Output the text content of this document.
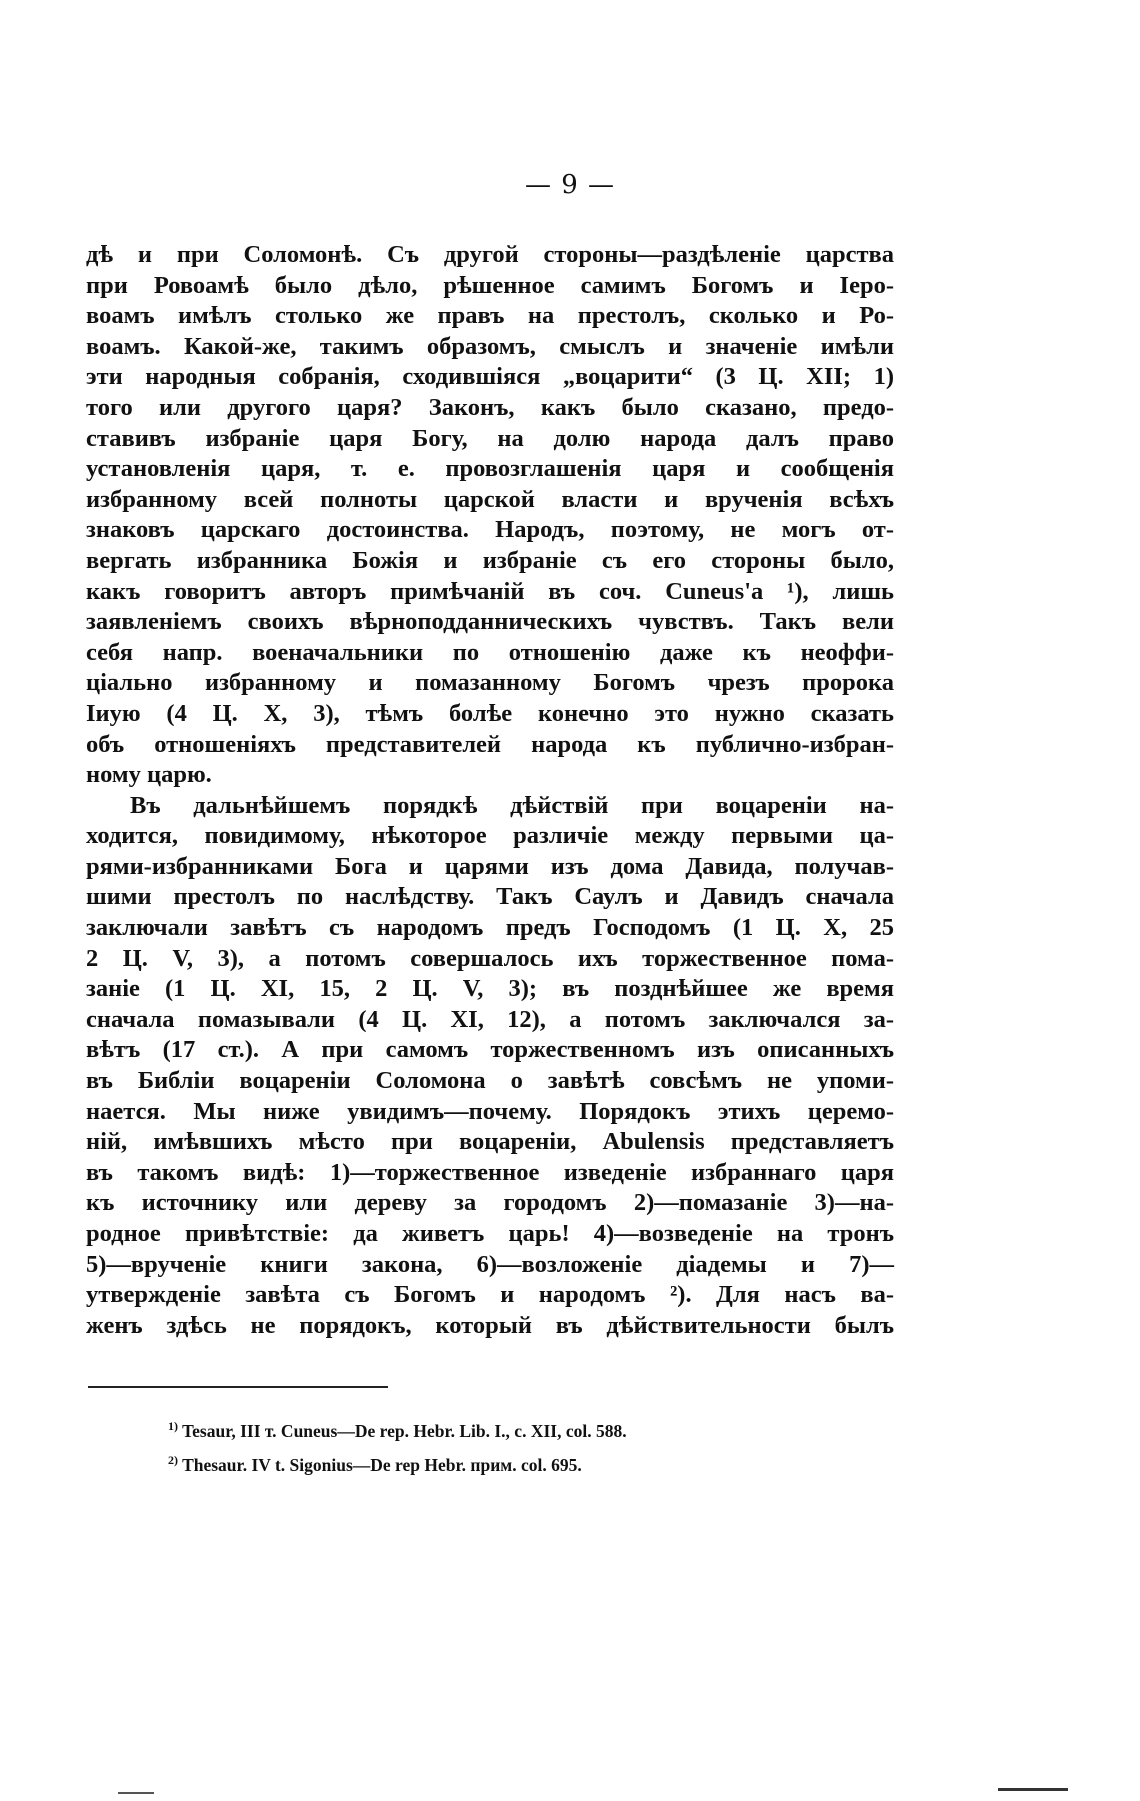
— 9 —
дѣ и при Соломонѣ. Съ другой стороны—раздѣленіе царства
при Ровоамѣ было дѣло, рѣшенное самимъ Богомъ и Іеро-
воамъ имѣлъ столько же правъ на престолъ, сколько и Ро-
воамъ. Какой-же, такимъ образомъ, смыслъ и значеніе имѣли
эти народныя собранія, сходившіяся „воцарити“ (3 Ц. XII; 1)
того или другого царя? Законъ, какъ было сказано, предо-
ставивъ избраніе царя Богу, на долю народа далъ право
установленія царя, т. е. провозглашенія царя и сообщенія
избранному всей полноты царской власти и врученія всѣхъ
знаковъ царскаго достоинства. Народъ, поэтому, не могъ от-
вергать избранника Божія и избраніе съ его стороны было,
какъ говоритъ авторъ примѣчаній въ соч. Cuneus'а ¹), лишь
заявленіемъ своихъ вѣрноподданническихъ чувствъ. Такъ вели
себя напр. военачальники по отношенію даже къ неоффи-
ціально избранному и помазанному Богомъ чрезъ пророка
Іиую (4 Ц. X, 3), тѣмъ болѣе конечно это нужно сказать
объ отношеніяхъ представителей народа къ публично-избран-
ному царю.
Въ дальнѣйшемъ порядкѣ дѣйствій при воцареніи на-
ходится, повидимому, нѣкоторое различіе между первыми ца-
рями-избранниками Бога и царями изъ дома Давида, получав-
шими престолъ по наслѣдству. Такъ Саулъ и Давидъ сначала
заключали завѣтъ съ народомъ предъ Господомъ (1 Ц. X, 25
2 Ц. V, 3), а потомъ совершалось ихъ торжественное пома-
заніе (1 Ц. XI, 15, 2 Ц. V, 3); въ позднѣйшее же время
сначала помазывали (4 Ц. XI, 12), а потомъ заключался за-
вѣтъ (17 ст.). А при самомъ торжественномъ изъ описанныхъ
въ Библіи воцареніи Соломона о завѣтѣ совсѣмъ не упоми-
нается. Мы ниже увидимъ—почему. Порядокъ этихъ церемо-
ній, имѣвшихъ мѣсто при воцареніи, Abulensis представляетъ
въ такомъ видѣ: 1)—торжественное изведеніе избраннаго царя
къ источнику или дереву за городомъ 2)—помазаніе 3)—на-
родное привѣтствіе: да живетъ царь! 4)—возведеніе на тронъ
5)—врученіе книги закона, 6)—возложеніе діадемы и 7)—
утвержденіе завѣта съ Богомъ и народомъ ²). Для насъ ва-
женъ здѣсь не порядокъ, который въ дѣйствительности былъ
$^{1)}$ Tesaur, III т. Cuneus—De rep. Hebr. Lib. I., c. XII, col. 588.
$^{2)}$ Thesaur. IV t. Sigonius—De rep Hebr. прим. col. 695.
